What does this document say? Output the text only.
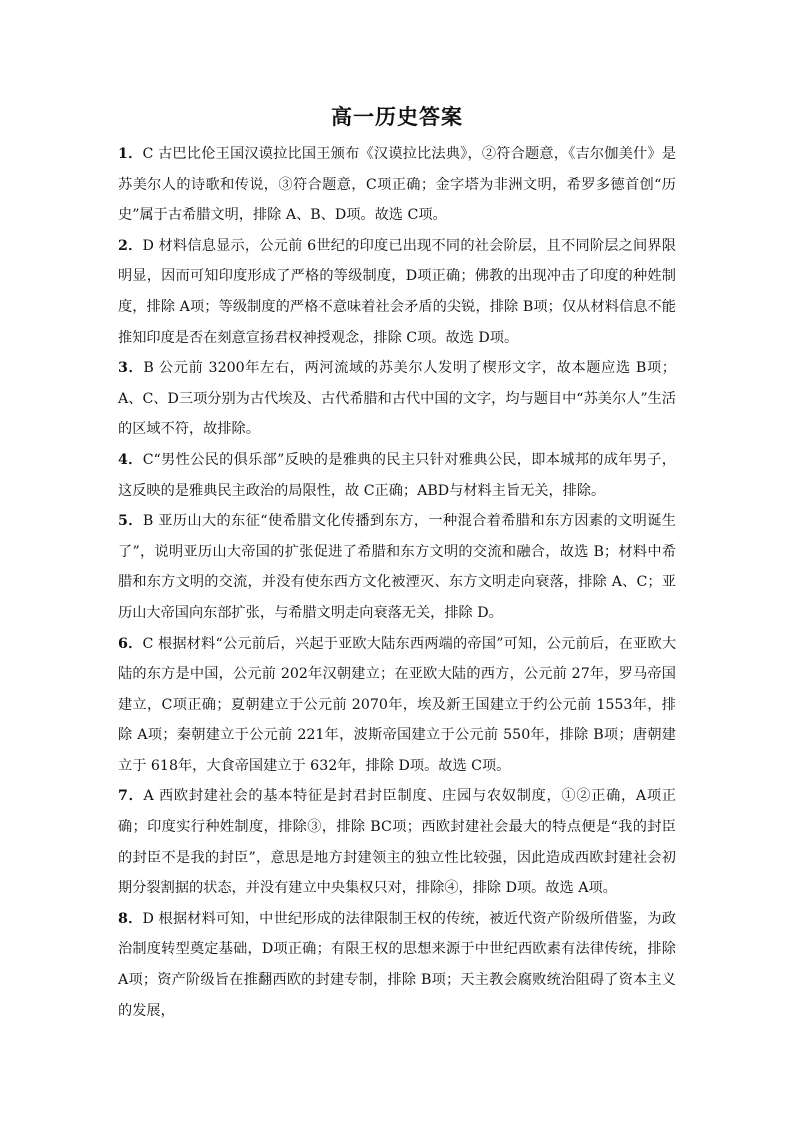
高一历史答案

1．C 古巴比伦王国汉谟拉比国王颁布《汉谟拉比法典》，②符合题意，《吉尔伽美什》是苏美尔人的诗歌和传说，③符合题意，C项正确；金字塔为非洲文明，希罗多德首创“历史”属于古希腊文明，排除 A、B、D项。故选 C项。

2．D 材料信息显示，公元前 6世纪的印度已出现不同的社会阶层，且不同阶层之间界限明显，因而可知印度形成了严格的等级制度，D项正确；佛教的出现冲击了印度的种姓制度，排除 A项；等级制度的严格不意味着社会矛盾的尖锐，排除 B项；仅从材料信息不能推知印度是否在刻意宣扬君权神授观念，排除 C项。故选 D项。

3．B 公元前 3200年左右，两河流域的苏美尔人发明了楔形文字，故本题应选 B项；A、C、D三项分别为古代埃及、古代希腊和古代中国的文字，均与题目中“苏美尔人”生活的区域不符，故排除。

4．C“男性公民的俱乐部”反映的是雅典的民主只针对雅典公民，即本城邦的成年男子，这反映的是雅典民主政治的局限性，故 C正确；ABD与材料主旨无关，排除。

5．B 亚历山大的东征“使希腊文化传播到东方，一种混合着希腊和东方因素的文明诞生了”，说明亚历山大帝国的扩张促进了希腊和东方文明的交流和融合，故选 B；材料中希腊和东方文明的交流，并没有使东西方文化被湮灭、东方文明走向衰落，排除 A、C；亚历山大帝国向东部扩张，与希腊文明走向衰落无关，排除 D。

6．C 根据材料“公元前后，兴起于亚欧大陆东西两端的帝国”可知，公元前后，在亚欧大陆的东方是中国，公元前 202年汉朝建立；在亚欧大陆的西方，公元前 27年，罗马帝国建立，C项正确；夏朝建立于公元前 2070年，埃及新王国建立于约公元前 1553年，排除 A项；秦朝建立于公元前 221年，波斯帝国建立于公元前 550年，排除 B项；唐朝建立于 618年，大食帝国建立于 632年，排除 D项。故选 C项。

7．A 西欧封建社会的基本特征是封君封臣制度、庄园与农奴制度，①②正确，A项正确；印度实行种姓制度，排除③，排除 BC项；西欧封建社会最大的特点便是“我的封臣的封臣不是我的封臣”，意思是地方封建领主的独立性比较强，因此造成西欧封建社会初期分裂割据的状态，并没有建立中央集权只对，排除④，排除 D项。故选 A项。

8．D 根据材料可知，中世纪形成的法律限制王权的传统，被近代资产阶级所借鉴，为政治制度转型奠定基础，D项正确；有限王权的思想来源于中世纪西欧素有法律传统，排除 A项；资产阶级旨在推翻西欧的封建专制，排除 B项；天主教会腐败统治阻碍了资本主义的发展，
